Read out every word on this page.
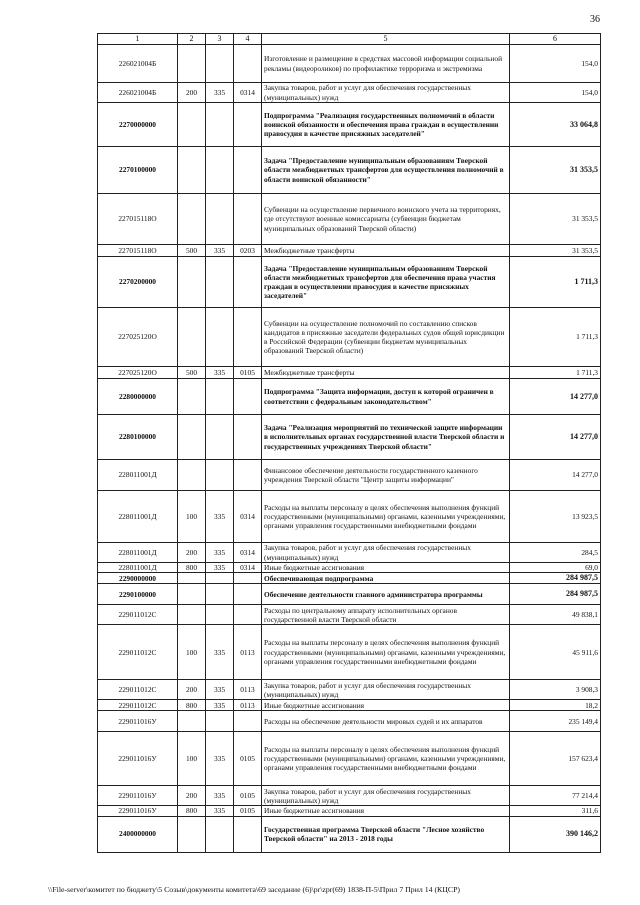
36
1	2	3	4	5	6
226021004Б				Изготовление и размещение в средствах массовой информации социальной рекламы (видеороликов) по профилактике терроризма и экстремизма	154,0
226021004Б	200	335	0314	Закупка товаров, работ и услуг для обеспечения государственных (муниципальных) нужд	154,0
2270000000				Подпрограмма "Реализация государственных полномочий в области воинской обязанности и обеспечения права граждан в осуществлении правосудия в качестве присяжных заседателей"	33 064,8
2270100000				Задача "Предоставление муниципальным образованиям Тверской области межбюджетных трансфертов для осуществления полномочий в области воинской обязанности"	31 353,5
227015118О				Субвенции на осуществление первичного воинского учета на территориях, где отсутствуют военные комиссариаты (субвенции бюджетам муниципальных образований Тверской области)	31 353,5
227015118О	500	335	0203	Межбюджетные трансферты	31 353,5
2270200000				Задача "Предоставление муниципальным образованиям Тверской области межбюджетных трансфертов для обеспечения права участия граждан в осуществлении правосудия в качестве присяжных заседателей"	1 711,3
227025120О				Субвенции на осуществление полномочий по составлению списков кандидатов в присяжные заседатели федеральных судов общей юрисдикции в Российской Федерации (субвенции бюджетам муниципальных образований Тверской области)	1 711,3
227025120О	500	335	0105	Межбюджетные трансферты	1 711,3
2280000000				Подпрограмма "Защита информации, доступ к которой ограничен в соответствии с федеральным законодательством"	14 277,0
2280100000				Задача "Реализация мероприятий по технической защите информации в исполнительных органах государственной власти Тверской области и государственных учреждениях Тверской области"	14 277,0
228011001Д				Финансовое обеспечение деятельности государственного казенного учреждения Тверской области "Центр защиты информации"	14 277,0
228011001Д	100	335	0314	Расходы на выплаты персоналу в целях обеспечения выполнения функций государственными (муниципальными) органами, казенными учреждениями, органами управления государственными внебюджетными фондами	13 923,5
228011001Д	200	335	0314	Закупка товаров, работ и услуг для обеспечения государственных (муниципальных) нужд	284,5
228011001Д	800	335	0314	Иные бюджетные ассигнования	69,0
2290000000				Обеспечивающая подпрограмма	284 987,5
2290100000				Обеспечение деятельности главного администратора программы	284 987,5
229011012С				Расходы по центральному аппарату исполнительных органов государственной власти Тверской области	49 838,1
229011012С	100	335	0113	Расходы на выплаты персоналу в целях обеспечения выполнения функций государственными (муниципальными) органами, казенными учреждениями, органами управления государственными внебюджетными фондами	45 911,6
229011012С	200	335	0113	Закупка товаров, работ и услуг для обеспечения государственных (муниципальных) нужд	3 908,3
229011012С	800	335	0113	Иные бюджетные ассигнования	18,2
229011016У				Расходы на обеспечение деятельности мировых судей и их аппаратов	235 149,4
229011016У	100	335	0105	Расходы на выплаты персоналу в целях обеспечения выполнения функций государственными (муниципальными) органами, казенными учреждениями, органами управления государственными внебюджетными фондами	157 623,4
229011016У	200	335	0105	Закупка товаров, работ и услуг для обеспечения государственных (муниципальных) нужд	77 214,4
229011016У	800	335	0105	Иные бюджетные ассигнования	311,6
2400000000				Государственная программа Тверской области "Лесное хозяйство Тверской области" на 2013 - 2018 годы	390 146,2
\\File-server\комитет по бюджету\5 Созыв\документы комитета\69 заседание (6)\pr\zpr(69) 1838-П-5\Прил 7 Прил 14 (КЦСР)
